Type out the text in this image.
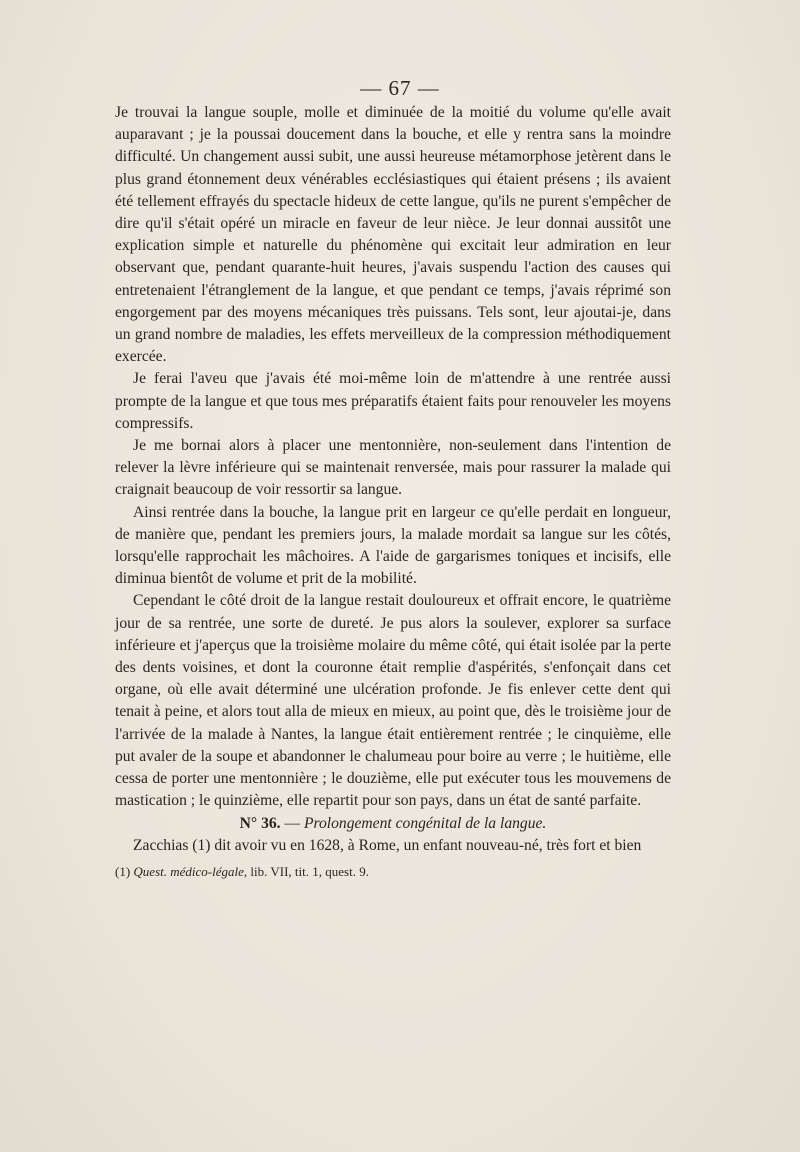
— 67 —

Je trouvai la langue souple, molle et diminuée de la moitié du volume qu'elle avait auparavant ; je la poussai doucement dans la bouche, et elle y rentra sans la moindre difficulté. Un changement aussi subit, une aussi heureuse métamorphose jetèrent dans le plus grand étonnement deux vénérables ecclésiastiques qui étaient présens ; ils avaient été tellement effrayés du spectacle hideux de cette langue, qu'ils ne purent s'empêcher de dire qu'il s'était opéré un miracle en faveur de leur nièce. Je leur donnai aussitôt une explication simple et naturelle du phénomène qui excitait leur admiration en leur observant que, pendant quarante-huit heures, j'avais suspendu l'action des causes qui entretenaient l'étranglement de la langue, et que pendant ce temps, j'avais réprimé son engorgement par des moyens mécaniques très puissans. Tels sont, leur ajoutai-je, dans un grand nombre de maladies, les effets merveilleux de la compression méthodiquement exercée.

Je ferai l'aveu que j'avais été moi-même loin de m'attendre à une rentrée aussi prompte de la langue et que tous mes préparatifs étaient faits pour renouveler les moyens compressifs.

Je me bornai alors à placer une mentonnière, non-seulement dans l'intention de relever la lèvre inférieure qui se maintenait renversée, mais pour rassurer la malade qui craignait beaucoup de voir ressortir sa langue.

Ainsi rentrée dans la bouche, la langue prit en largeur ce qu'elle perdait en longueur, de manière que, pendant les premiers jours, la malade mordait sa langue sur les côtés, lorsqu'elle rapprochait les mâchoires. A l'aide de gargarismes toniques et incisifs, elle diminua bientôt de volume et prit de la mobilité.

Cependant le côté droit de la langue restait douloureux et offrait encore, le quatrième jour de sa rentrée, une sorte de dureté. Je pus alors la soulever, explorer sa surface inférieure et j'aperçus que la troisième molaire du même côté, qui était isolée par la perte des dents voisines, et dont la couronne était remplie d'aspérités, s'enfonçait dans cet organe, où elle avait déterminé une ulcération profonde. Je fis enlever cette dent qui tenait à peine, et alors tout alla de mieux en mieux, au point que, dès le troisième jour de l'arrivée de la malade à Nantes, la langue était entièrement rentrée ; le cinquième, elle put avaler de la soupe et abandonner le chalumeau pour boire au verre ; le huitième, elle cessa de porter une mentonnière ; le douzième, elle put exécuter tous les mouvemens de mastication ; le quinzième, elle repartit pour son pays, dans un état de santé parfaite.

N° 36. — Prolongement congénital de la langue.

Zacchias (1) dit avoir vu en 1628, à Rome, un enfant nouveau-né, très fort et bien

(1) Quest. médico-légale, lib. VII, tit. 1, quest. 9.
